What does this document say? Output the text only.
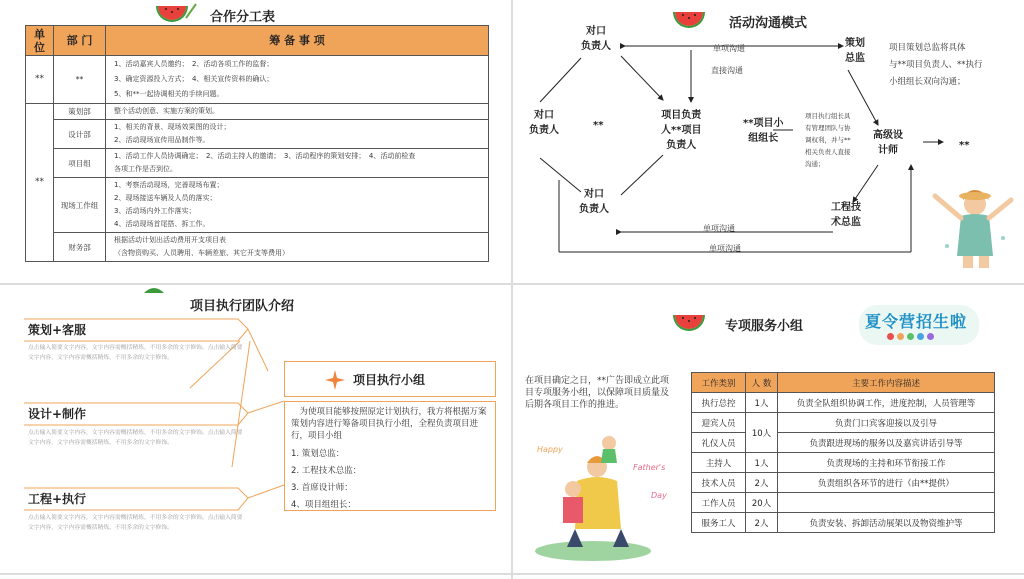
合作分工表
单
位	部 门	筹 备 事 项
**	**	1、活动嘉宾人员邀约；　2、活动各项工作的监督；
3、确定资源投入方式；　4、相关宣传资料的确认；
5、和**一起协调相关的手续问题。

**	策划部	整个活动创意、实施方案的策划。

	设计部	1、相关的背景、现场效果图的设计；
2、活动现场宣传用品制作等。

	项目组	1、活动工作人员协调确定；　2、活动主持人的邀请；　3、活动程序的策划安排；　4、活动前检查
各项工作是否到位。

	现场工作组	1、考察活动现场，完善现场布置；
2、现场接送车辆及人员的落实；
3、活动场内外工作落实；
4、活动现场首尾搭、拆工作。

	财务部	根据活动计划出活动费用开支项目表
（含物资购买、人员聘用、车辆差旅、其它开支等费用）
活动沟通模式
对口
负责人
对口
负责人
对口
负责人
项目负责
人**项目
负责人
**项目小
组组长
策划
总监
高级设
计师
工程技
术总监
**
**
单项沟通
直接沟通
单项沟通
单项沟通
项目执行组长具
有管理团队与协
调权利，并与**
相关负责人直接
沟通；
项目策划总监将具体
与**项目负责人、**执行
小组组长双向沟通；
项目执行团队介绍
策划+客服
点击输入简要文字内容，文字内容需概括精炼，不用多余的文字修饰。点击输入简要文字内容，文字内容需概括精炼，不用多余的文字修饰。
设计+制作
点击输入简要文字内容，文字内容需概括精炼，不用多余的文字修饰。点击输入简要文字内容，文字内容需概括精炼，不用多余的文字修饰。
工程+执行
点击输入简要文字内容，文字内容需概括精炼，不用多余的文字修饰。点击输入简要文字内容，文字内容需概括精炼，不用多余的文字修饰。
项目执行小组
为使项目能够按照原定计划执行，我方将根据万案策划内容进行筹备项目执行小组，全程负责项目进行，项目小组
1. 策划总监：
2. 工程技术总监：
3. 首席设计师：
4、项目组组长：
专项服务小组	夏令营招生啦
在项目确定之日，**广告即成立此项目专项服务小组，以保障项目质量及后期各项目工作的推进。
Happy
Father's
Day
工作类别	人 数	主要工作内容描述
执行总控	1人	负责全队组织协调工作，进度控制，人员管理等
迎宾人员	10人	负责门口宾客迎接以及引导
礼仪人员		负责跟进现场的服务以及嘉宾讲话引导等
主持人	1人	负责现场的主持和环节衔接工作
技术人员	2人	负责组织各环节的进行（由**提供）
工作人员	20人	
服务工人	2人	负责安装、拆卸活动展架以及物资维护等
